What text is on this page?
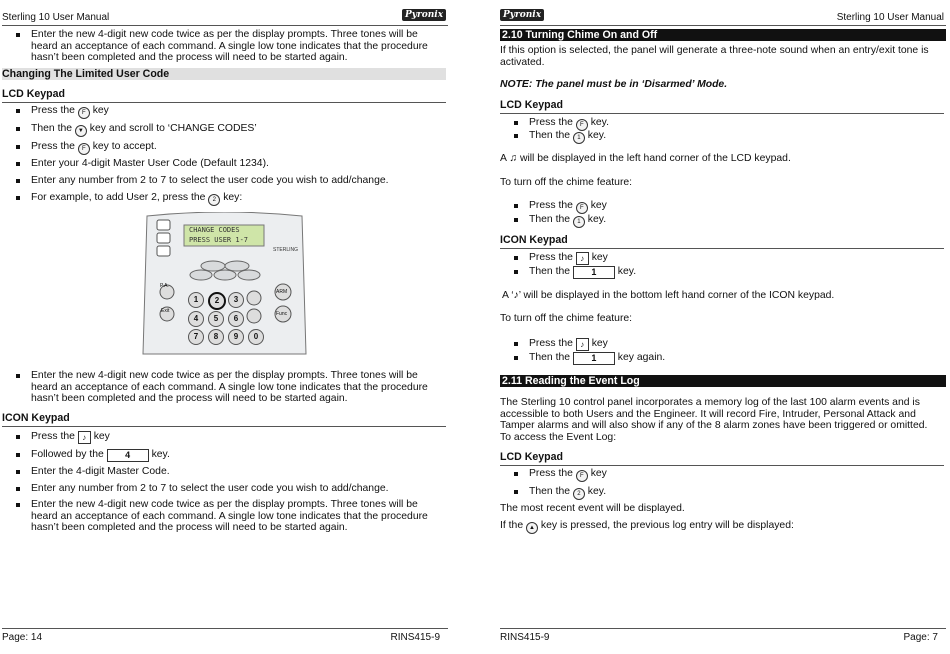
Sterling 10 User Manual	Pyronix
Enter the new 4-digit new code twice as per the display prompts. Three tones will be heard an acceptance of each command. A single low tone indicates that the procedure hasn’t been completed and the process will need to be started again.
Changing The Limited User Code
LCD Keypad
Press the F key
Then the ▼ key and scroll to ‘CHANGE CODES’
Press the F key to accept.
Enter your 4-digit Master User Code (Default 1234).
Enter any number from 2 to 7 to select the user code you wish to add/change.
For example, to add User 2, press the 2 key:
CHANGE CODES
PRESS USER 1-7
STERLING
P.A.
Exit
ARM
Func
1	2	3
4	5	6
7	8	9	0
Enter the new 4-digit new code twice as per the display prompts. Three tones will be heard an acceptance of each command. A single low tone indicates that the procedure hasn’t been completed and the process will need to be started again.
ICON Keypad
Press the ♪ key
Followed by the 4 key.
Enter the 4-digit Master Code.
Enter any number from 2 to 7 to select the user code you wish to add/change.
Enter the new 4-digit new code twice as per the display prompts. Three tones will be heard an acceptance of each command. A single low tone indicates that the procedure hasn’t been completed and the process will need to be started again.
Page: 14	RINS415-9
Pyronix	Sterling 10 User Manual
2.10 Turning Chime On and Off
If this option is selected, the panel will generate a three-note sound when an entry/exit tone is activated.
NOTE: The panel must be in ‘Disarmed’ Mode.
LCD Keypad
Press the F key.
Then the 1 key.
A ♫ will be displayed in the left hand corner of the LCD keypad.
To turn off the chime feature:
Press the F key
Then the 1 key.
ICON Keypad
Press the ♪ key
Then the 1 key.
A ‘♪’ will be displayed in the bottom left hand corner of the ICON keypad.
To turn off the chime feature:
Press the ♪ key
Then the 1 key again.
2.11 Reading the Event Log
The Sterling 10 control panel incorporates a memory log of the last 100 alarm events and is accessible to both Users and the Engineer. It will record Fire, Intruder, Personal Attack and Tamper alarms and will also show if any of the 8 alarm zones have been triggered or omitted. To access the Event Log:
LCD Keypad
Press the F key
Then the 2 key.
The most recent event will be displayed.
If the ▲ key is pressed, the previous log entry will be displayed:
RINS415-9	Page: 7
